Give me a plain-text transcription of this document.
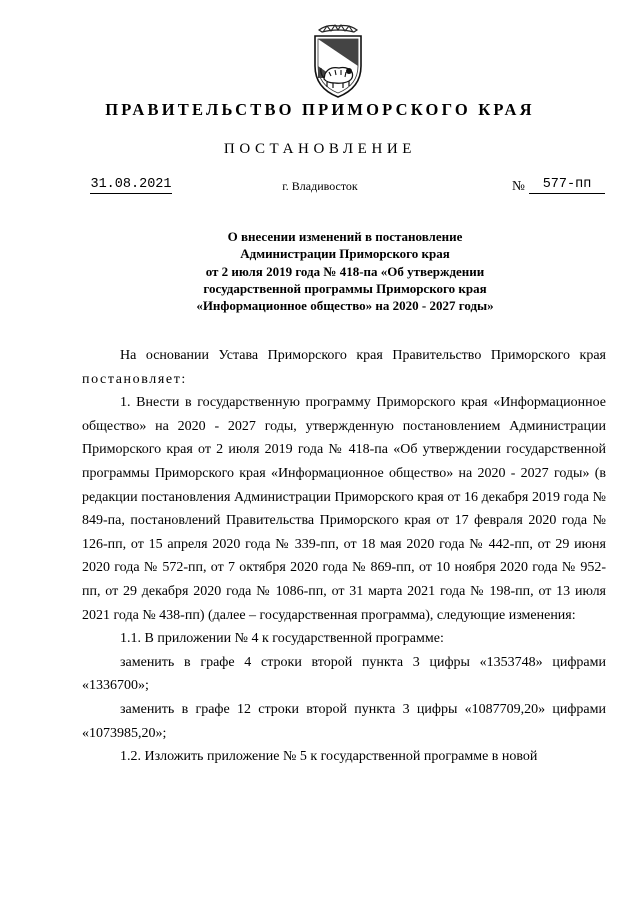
ПРАВИТЕЛЬСТВО ПРИМОРСКОГО КРАЯ
ПОСТАНОВЛЕНИЕ
31.08.2021	г. Владивосток	№	577-пп
О внесении изменений в постановление
Администрации Приморского края
от 2 июля 2019 года № 418-па «Об утверждении
государственной программы Приморского края
«Информационное общество» на 2020 - 2027 годы»

На основании Устава Приморского края Правительство Приморского края постановляет:

1. Внести в государственную программу Приморского края «Информационное общество» на 2020 - 2027 годы, утвержденную постановлением Администрации Приморского края от 2 июля 2019 года № 418-па «Об утверждении государственной программы Приморского края «Информационное общество» на 2020 - 2027 годы» (в редакции постановления Администрации Приморского края от 16 декабря 2019 года № 849-па, постановлений Правительства Приморского края от 17 февраля 2020 года № 126-пп, от 15 апреля 2020 года № 339-пп, от 18 мая 2020 года № 442-пп, от 29 июня 2020 года № 572-пп, от 7 октября 2020 года № 869-пп, от 10 ноября 2020 года № 952-пп, от 29 декабря 2020 года № 1086-пп, от 31 марта 2021 года № 198-пп, от 13 июля 2021 года № 438-пп) (далее – государственная программа), следующие изменения:

1.1. В приложении № 4 к государственной программе:

заменить в графе 4 строки второй пункта 3 цифры «1353748» цифрами «1336700»;

заменить в графе 12 строки второй пункта 3 цифры «1087709,20» цифрами «1073985,20»;

1.2. Изложить приложение № 5 к государственной программе в новой
